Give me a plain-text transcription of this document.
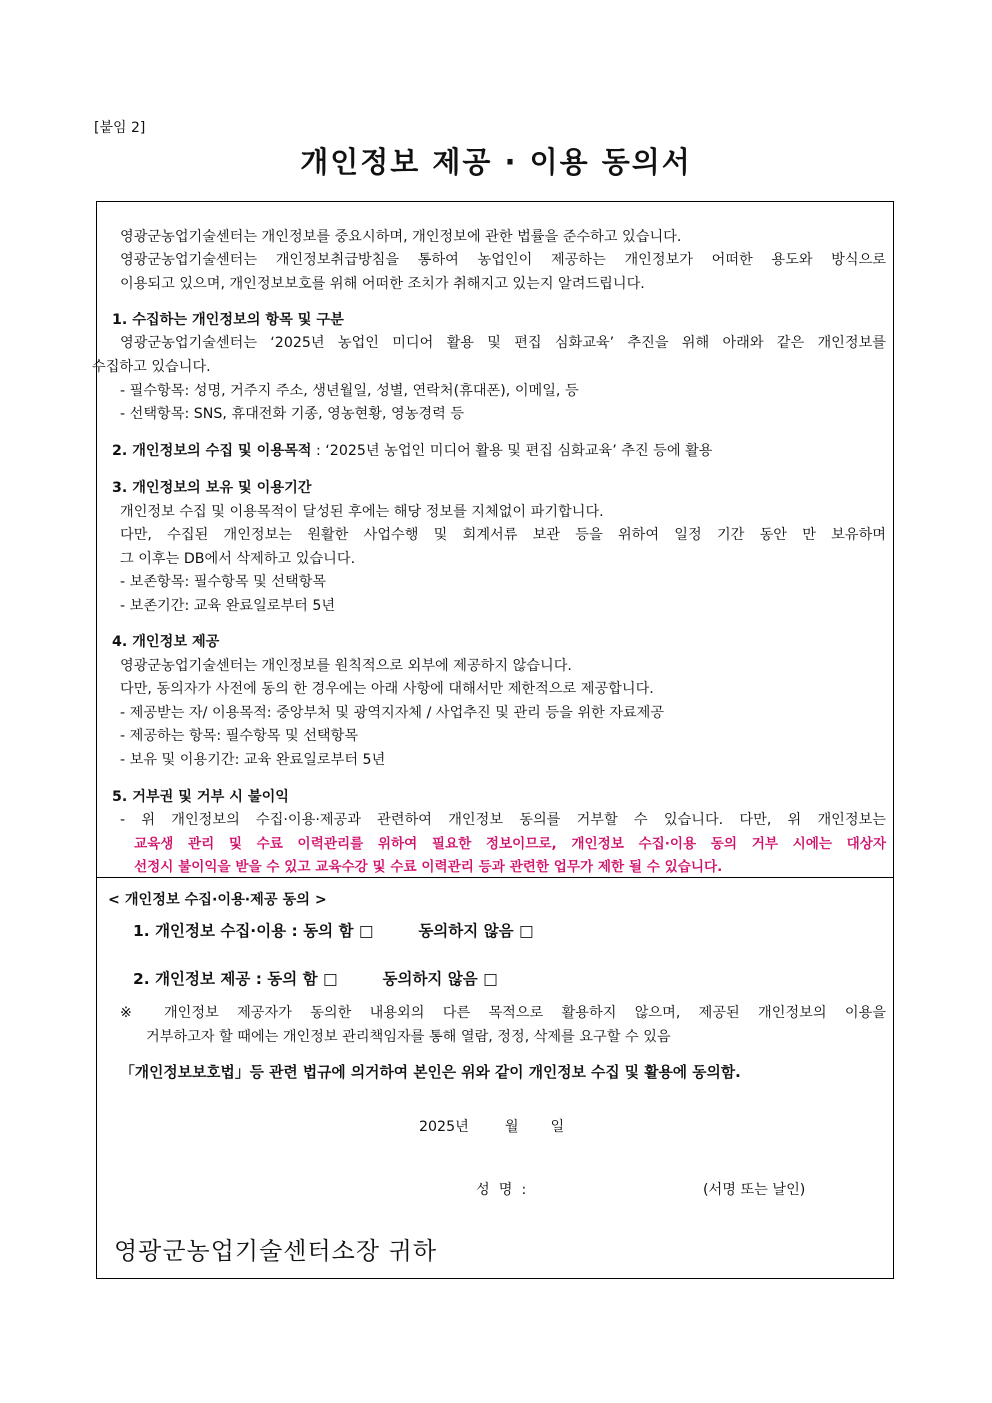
[붙임 2]
개인정보 제공 · 이용 동의서
영광군농업기술센터는 개인정보를 중요시하며, 개인정보에 관한 법률을 준수하고 있습니다.
영광군농업기술센터는 개인정보취급방침을 통하여 농업인이 제공하는 개인정보가 어떠한 용도와 방식으로
이용되고 있으며, 개인정보보호를 위해 어떠한 조치가 취해지고 있는지 알려드립니다.
1. 수집하는 개인정보의 항목 및 구분
영광군농업기술센터는 ‘2025년 농업인 미디어 활용 및 편집 심화교육’ 추진을 위해 아래와 같은 개인정보를
수집하고 있습니다.
- 필수항목: 성명, 거주지 주소, 생년월일, 성별, 연락처(휴대폰), 이메일, 등
- 선택항목: SNS, 휴대전화 기종, 영농현황, 영농경력 등
2. 개인정보의 수집 및 이용목적 : ‘2025년 농업인 미디어 활용 및 편집 심화교육’ 추진 등에 활용
3. 개인정보의 보유 및 이용기간
개인정보 수집 및 이용목적이 달성된 후에는 해당 정보를 지체없이 파기합니다.
다만, 수집된 개인정보는 원활한 사업수행 및 회계서류 보관 등을 위하여 일정 기간 동안 만 보유하며
그 이후는 DB에서 삭제하고 있습니다.
- 보존항목: 필수항목 및 선택항목
- 보존기간: 교육 완료일로부터 5년
4. 개인정보 제공
영광군농업기술센터는 개인정보를 원칙적으로 외부에 제공하지 않습니다.
다만, 동의자가 사전에 동의 한 경우에는 아래 사항에 대해서만 제한적으로 제공합니다.
- 제공받는 자/ 이용목적: 중앙부처 및 광역지자체 / 사업추진 및 관리 등을 위한 자료제공
- 제공하는 항목: 필수항목 및 선택항목
- 보유 및 이용기간: 교육 완료일로부터 5년
5. 거부권 및 거부 시 불이익
- 위 개인정보의 수집·이용·제공과 관련하여 개인정보 동의를 거부할 수 있습니다. 다만, 위 개인정보는
교육생 관리 및 수료 이력관리를 위하여 필요한 정보이므로, 개인정보 수집·이용 동의 거부 시에는 대상자
선정시 불이익을 받을 수 있고 교육수강 및 수료 이력관리 등과 관련한 업무가 제한 될 수 있습니다.
< 개인정보 수집·이용·제공 동의 >
1. 개인정보 수집·이용 : 동의 함 □	동의하지 않음 □
2. 개인정보 제공 : 동의 함 □	동의하지 않음 □
※ 개인정보 제공자가 동의한 내용외의 다른 목적으로 활용하지 않으며, 제공된 개인정보의 이용을
거부하고자 할 때에는 개인정보 관리책임자를 통해 열람, 정정, 삭제를 요구할 수 있음
「개인정보보호법」등 관련 법규에 의거하여 본인은 위와 같이 개인정보 수집 및 활용에 동의함.
2025년	월 일
성  명  :	(서명 또는 날인)
영광군농업기술센터소장 귀하
